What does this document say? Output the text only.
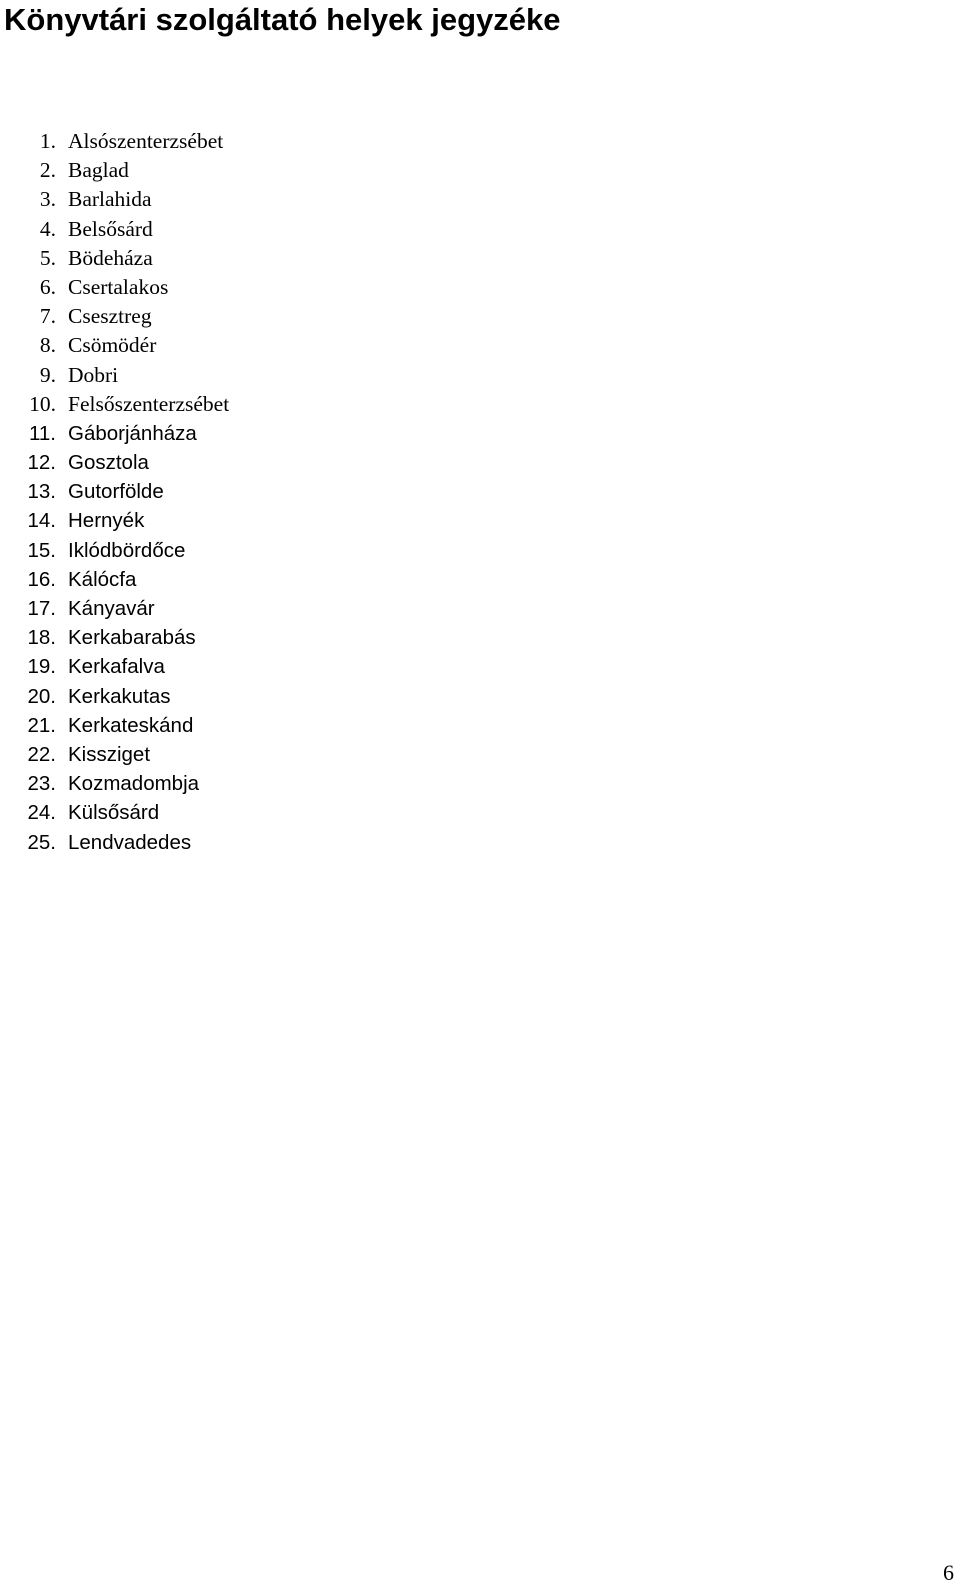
Könyvtári szolgáltató helyek jegyzéke
1. Alsószenterzsébet
2. Baglad
3. Barlahida
4. Belsősárd
5. Bödeháza
6. Csertalakos
7. Csesztreg
8. Csömödér
9. Dobri
10. Felsőszenterzsébet
11. Gáborjánháza
12. Gosztola
13. Gutorfölde
14. Hernyék
15. Iklódbördőce
16. Kálócfa
17. Kányavár
18. Kerkabarabás
19. Kerkafalva
20. Kerkakutas
21. Kerkateskánd
22. Kissziget
23. Kozmadombja
24. Külsősárd
25. Lendvadedes
6
